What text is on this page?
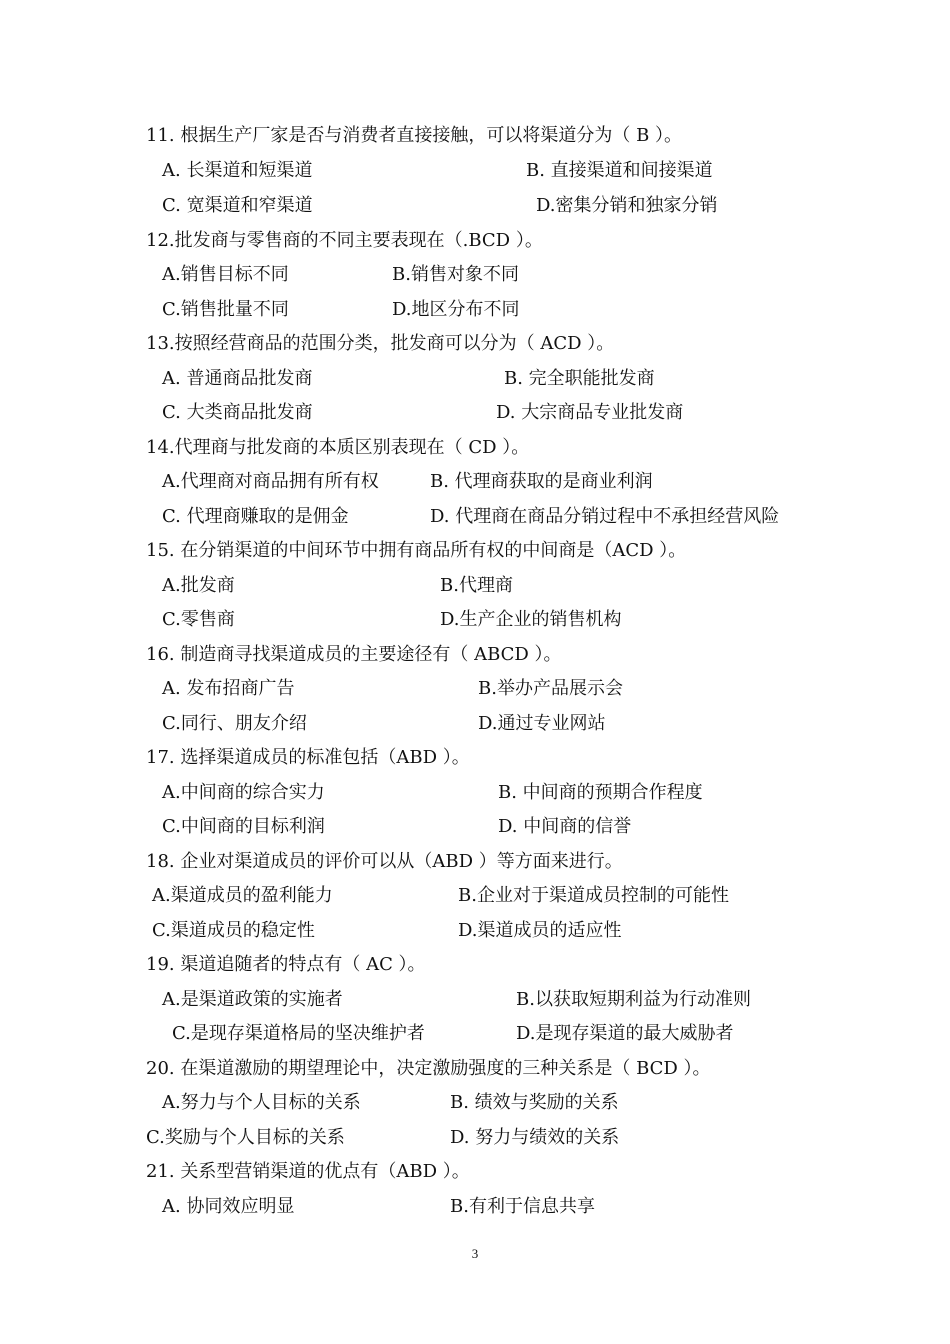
11. 根据生产厂家是否与消费者直接接触，可以将渠道分为（ B ）。
A. 长渠道和短渠道	B. 直接渠道和间接渠道
C. 宽渠道和窄渠道	D.密集分销和独家分销
12.批发商与零售商的不同主要表现在（.BCD ）。
A.销售目标不同	B.销售对象不同
C.销售批量不同	D.地区分布不同
13.按照经营商品的范围分类，批发商可以分为（ ACD ）。
A. 普通商品批发商	B. 完全职能批发商
C. 大类商品批发商	D. 大宗商品专业批发商
14.代理商与批发商的本质区别表现在（ CD ）。
A.代理商对商品拥有所有权	B. 代理商获取的是商业利润
C. 代理商赚取的是佣金	D. 代理商在商品分销过程中不承担经营风险
15. 在分销渠道的中间环节中拥有商品所有权的中间商是（ACD ）。
A.批发商	B.代理商
C.零售商	D.生产企业的销售机构
16. 制造商寻找渠道成员的主要途径有（ ABCD ）。
A. 发布招商广告	B.举办产品展示会
C.同行、朋友介绍	D.通过专业网站
17. 选择渠道成员的标准包括（ABD ）。
A.中间商的综合实力	B. 中间商的预期合作程度
C.中间商的目标利润	D. 中间商的信誉
18. 企业对渠道成员的评价可以从（ABD ）等方面来进行。
A.渠道成员的盈利能力	B.企业对于渠道成员控制的可能性
C.渠道成员的稳定性	D.渠道成员的适应性
19. 渠道追随者的特点有（ AC ）。
A.是渠道政策的实施者	B.以获取短期利益为行动准则
C.是现存渠道格局的坚决维护者	D.是现存渠道的最大威胁者
20. 在渠道激励的期望理论中，决定激励强度的三种关系是（ BCD ）。
A.努力与个人目标的关系	B. 绩效与奖励的关系
C.奖励与个人目标的关系	D. 努力与绩效的关系
21. 关系型营销渠道的优点有（ABD ）。
A. 协同效应明显	B.有利于信息共享
3
